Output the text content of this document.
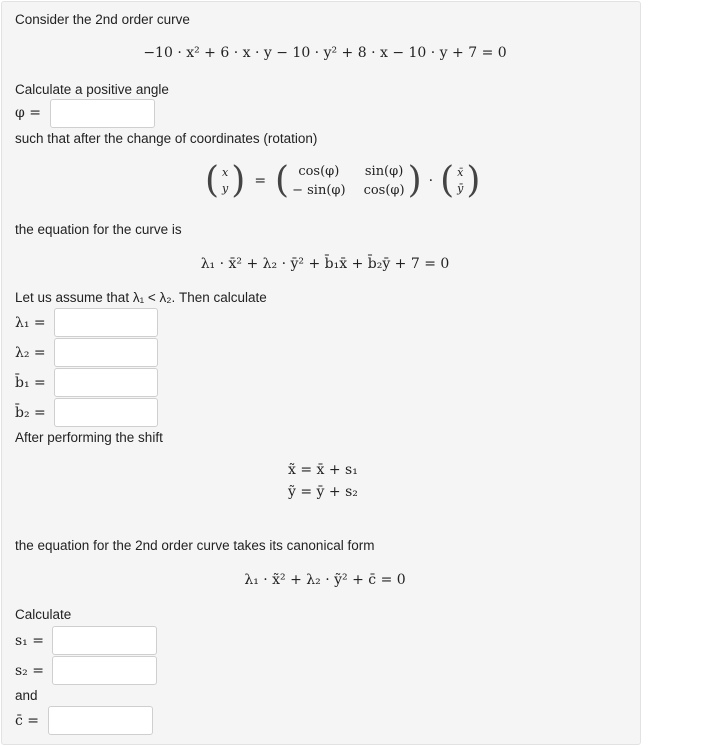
Consider the 2nd order curve
−10 · x² + 6 · x · y − 10 · y² + 8 · x − 10 · y + 7 = 0
Calculate a positive angle
φ =
such that after the change of coordinates (rotation)
( x
y ) = ( cos(φ)	sin(φ)
− sin(φ) cos(φ) ) · ( x̄
ȳ )
the equation for the curve is
λ₁ · x̄² + λ₂ · ȳ² + b̄₁x̄ + b̄₂ȳ + 7 = 0
Let us assume that λ₁ < λ₂. Then calculate
λ₁ =
λ₂ =
b̄₁ =
b̄₂ =
After performing the shift
x̃ = x̄ + s₁
ỹ = ȳ + s₂
the equation for the 2nd order curve takes its canonical form
λ₁ · x̃² + λ₂ · ỹ² + c̄ = 0
Calculate
s₁ =
s₂ =
and
c̄ =
